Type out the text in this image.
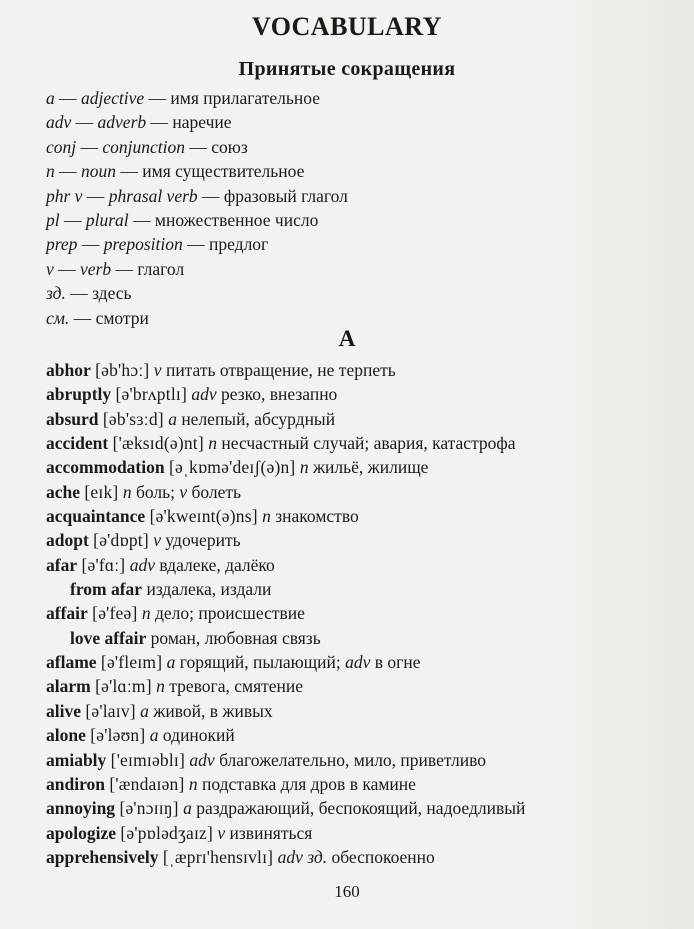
VOCABULARY
Принятые сокращения
a — adjective — имя прилагательное
adv — adverb — наречие
conj — conjunction — союз
n — noun — имя существительное
phr v — phrasal verb — фразовый глагол
pl — plural — множественное число
prep — preposition — предлог
v — verb — глагол
зд. — здесь
см. — смотри
A
abhor [əb'hɔː] v питать отвращение, не терпеть
abruptly [ə'brʌptlɪ] adv резко, внезапно
absurd [əb'sɜːd] a нелепый, абсурдный
accident ['æksɪd(ə)nt] n несчастный случай; авария, катастрофа
accommodation [əˌkɒmə'deɪʃ(ə)n] n жильё, жилище
ache [eɪk] n боль; v болеть
acquaintance [ə'kweɪnt(ə)ns] n знакомство
adopt [ə'dɒpt] v удочерить
afar [ə'fɑː] adv вдалеке, далёко
from afar издалека, издали
affair [ə'feə] n дело; происшествие
love affair роман, любовная связь
aflame [ə'fleɪm] a горящий, пылающий; adv в огне
alarm [ə'lɑːm] n тревога, смятение
alive [ə'laɪv] a живой, в живых
alone [ə'ləʊn] a одинокий
amiably ['eɪmɪəblɪ] adv благожелательно, мило, приветливо
andiron ['ændaɪən] n подставка для дров в камине
annoying [ə'nɔɪɪŋ] a раздражающий, беспокоящий, надоедливый
apologize [ə'pɒlədʒaɪz] v извиняться
apprehensively [ˌæprɪ'hensɪvlɪ] adv зд. обеспокоенно
160
